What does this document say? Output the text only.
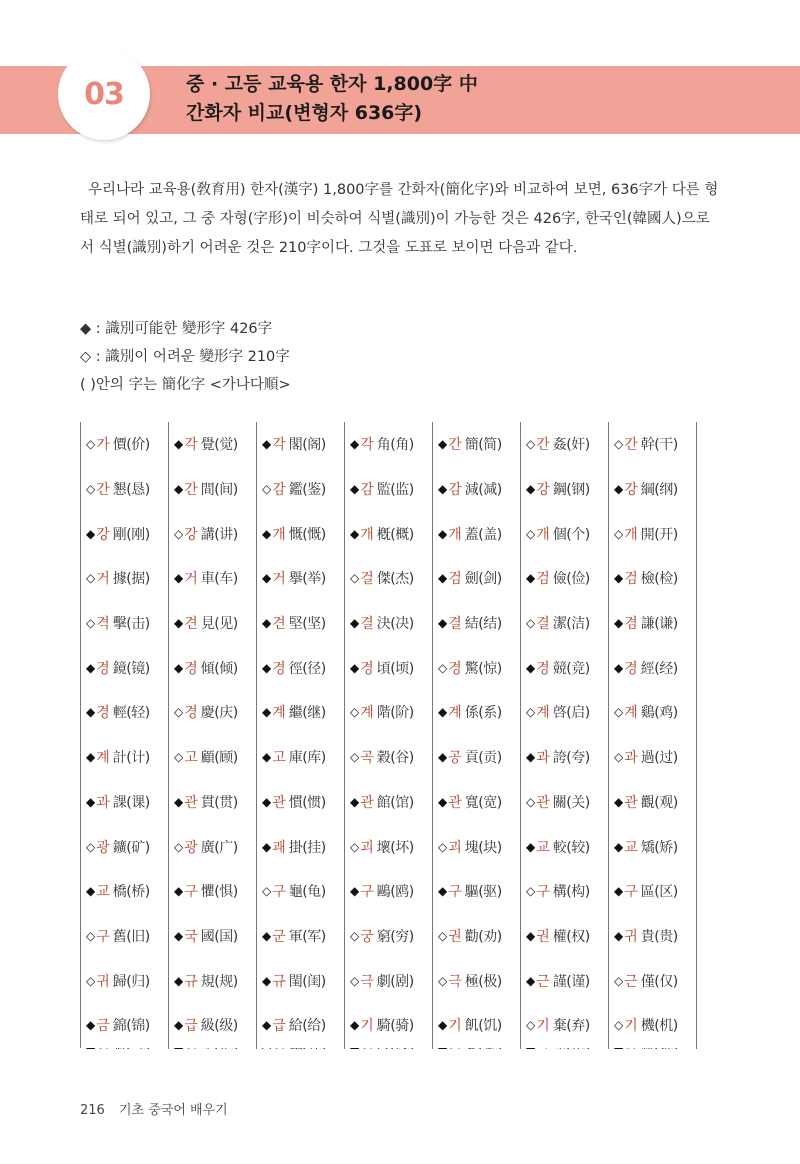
03	중 · 고등 교육용 한자 1,800字 中
간화자 비교(변형자 636字)

우리나라 교육용(敎育用) 한자(漢字) 1,800字를 간화자(簡化字)와 비교하여 보면, 636字가 다른 형태로 되어 있고, 그 중 자형(字形)이 비슷하여 식별(識別)이 가능한 것은 426字, 한국인(韓國人)으로서 식별(識別)하기 어려운 것은 210字이다. 그것을 도표로 보이면 다음과 같다.

◆ : 識別可能한 變形字 426字
◇ : 識別이 어려운 變形字 210字
( )안의 字는 簡化字 <가나다順>
◇ 가 價(价) ◆ 각 覺(觉) ◆ 각 閣(阁) ◆ 각 角(角) ◆ 간 簡(简) ◇ 간 姦(奸) ◇ 간 幹(干)
◇ 간 懇(恳) ◆ 간 間(间) ◇ 감 鑑(鉴) ◆ 감 監(监) ◆ 감 減(减) ◆ 강 鋼(钢) ◆ 강 綱(纲)
◆ 강 剛(刚) ◇ 강 講(讲) ◆ 개 慨(慨) ◆ 개 槪(概) ◆ 개 蓋(盖) ◇ 개 個(个) ◇ 개 開(开)
◇ 거 據(据) ◆ 거 車(车) ◆ 거 擧(举) ◇ 걸 傑(杰) ◆ 검 劍(剑) ◆ 검 儉(俭) ◆ 검 檢(检)
◇ 격 擊(击) ◆ 견 見(见) ◆ 견 堅(坚) ◆ 결 決(决) ◆ 결 結(结) ◇ 결 潔(洁) ◆ 겸 謙(谦)
◆ 경 鏡(镜) ◆ 경 傾(倾) ◆ 경 徑(径) ◆ 경 頃(顷) ◇ 경 驚(惊) ◆ 경 競(竞) ◆ 경 經(经)
◆ 경 輕(轻) ◇ 경 慶(庆) ◆ 계 繼(继) ◇ 계 階(阶) ◆ 계 係(系) ◇ 계 啓(启) ◇ 계 鷄(鸡)
◆ 계 計(计) ◇ 고 顧(顾) ◆ 고 庫(库) ◇ 곡 穀(谷) ◆ 공 貢(贡) ◆ 과 誇(夸) ◇ 과 過(过)
◆ 과 課(课) ◆ 관 貫(贯) ◆ 관 慣(惯) ◆ 관 館(馆) ◆ 관 寬(宽) ◇ 관 關(关) ◆ 관 觀(观)
◇ 광 鑛(矿) ◇ 광 廣(广) ◆ 괘 掛(挂) ◇ 괴 壞(坏) ◇ 괴 塊(块) ◆ 교 較(较) ◆ 교 矯(矫)
◆ 교 橋(桥) ◆ 구 懼(惧) ◇ 구 龜(龟) ◆ 구 鷗(鸥) ◆ 구 驅(驱) ◇ 구 構(构) ◆ 구 區(区)
◇ 구 舊(旧) ◆ 국 國(国) ◆ 군 軍(军) ◇ 궁 窮(穷) ◇ 권 勸(劝) ◆ 권 權(权) ◆ 귀 貴(贵)
◇ 귀 歸(归) ◆ 규 規(规) ◆ 규 閨(闺) ◇ 극 劇(剧) ◇ 극 極(极) ◆ 근 謹(谨) ◇ 근 僅(仅)
◆ 금 錦(锦) ◆ 급 級(级) ◆ 급 給(给) ◆ 기 騎(骑) ◆ 기 飢(饥) ◇ 기 棄(弃) ◇ 기 機(机)
216 기초 중국어 배우기
